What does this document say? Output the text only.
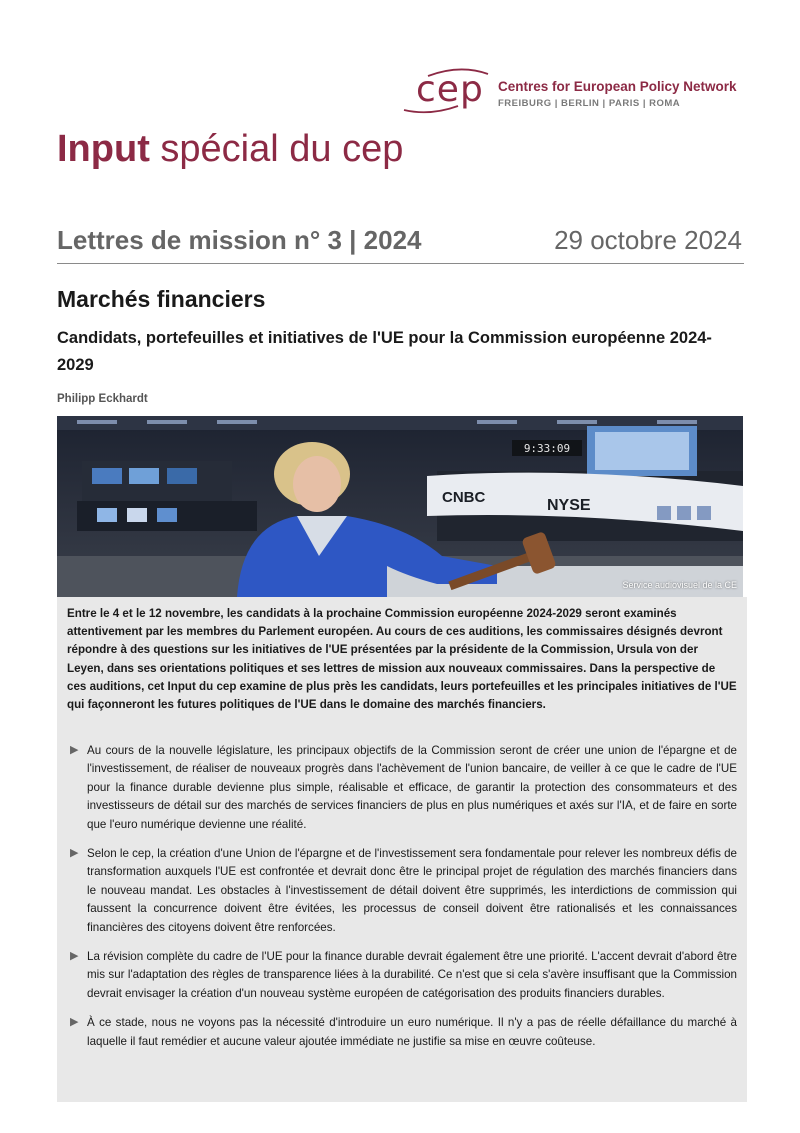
cep Centres for European Policy Network
FREIBURG | BERLIN | PARIS | ROMA
Input spécial du cep
Lettres de mission n° 3 | 2024	29 octobre 2024
Marchés financiers
Candidats, portefeuilles et initiatives de l'UE pour la Commission européenne 2024-2029
Philipp Eckhardt
9:33:09
CNBC	NYSE
Service audiovisuel de la CE
Entre le 4 et le 12 novembre, les candidats à la prochaine Commission européenne 2024-2029 seront examinés attentivement par les membres du Parlement européen. Au cours de ces auditions, les commissaires désignés devront répondre à des questions sur les initiatives de l'UE présentées par la présidente de la Commission, Ursula von der Leyen, dans ses orientations politiques et ses lettres de mission aux nouveaux commissaires. Dans la perspective de ces auditions, cet Input du cep examine de plus près les candidats, leurs portefeuilles et les principales initiatives de l'UE qui façonneront les futures politiques de l'UE dans le domaine des marchés financiers.
▶ Au cours de la nouvelle législature, les principaux objectifs de la Commission seront de créer une union de l'épargne et de l'investissement, de réaliser de nouveaux progrès dans l'achèvement de l'union bancaire, de veiller à ce que le cadre de l'UE pour la finance durable devienne plus simple, réalisable et efficace, de garantir la protection des consommateurs et des investisseurs de détail sur des marchés de services financiers de plus en plus numériques et axés sur l'IA, et de faire en sorte que l'euro numérique devienne une réalité.
▶ Selon le cep, la création d'une Union de l'épargne et de l'investissement sera fondamentale pour relever les nombreux défis de transformation auxquels l'UE est confrontée et devrait donc être le principal projet de régulation des marchés financiers dans le nouveau mandat. Les obstacles à l'investissement de détail doivent être supprimés, les interdictions de commission qui faussent la concurrence doivent être évitées, les processus de conseil doivent être rationalisés et les connaissances financières des citoyens doivent être renforcées.
▶ La révision complète du cadre de l'UE pour la finance durable devrait également être une priorité. L'accent devrait d'abord être mis sur l'adaptation des règles de transparence liées à la durabilité. Ce n'est que si cela s'avère insuffisant que la Commission devrait envisager la création d'un nouveau système européen de catégorisation des produits financiers durables.
▶ À ce stade, nous ne voyons pas la nécessité d'introduire un euro numérique. Il n'y a pas de réelle défaillance du marché à laquelle il faut remédier et aucune valeur ajoutée immédiate ne justifie sa mise en œuvre coûteuse.
